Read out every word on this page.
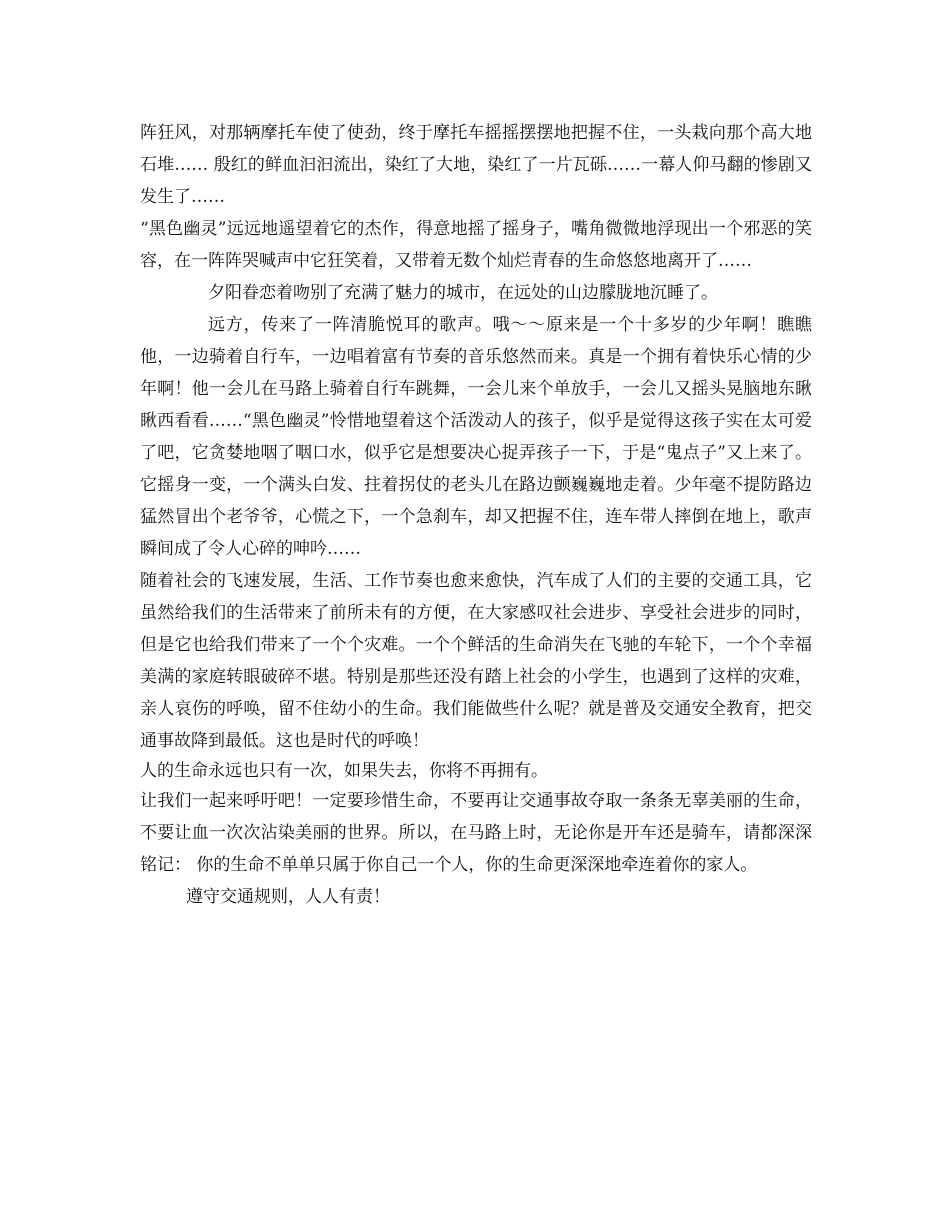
阵狂风，对那辆摩托车使了使劲，终于摩托车摇摇摆摆地把握不住，一头栽向那个高大地石堆…… 殷红的鲜血汩汩流出，染红了大地，染红了一片瓦砾……一幕人仰马翻的惨剧又发生了……

“黑色幽灵”远远地遥望着它的杰作，得意地摇了摇身子，嘴角微微地浮现出一个邪恶的笑容，在一阵阵哭喊声中它狂笑着，又带着无数个灿烂青春的生命悠悠地离开了……

夕阳眷恋着吻别了充满了魅力的城市，在远处的山边朦胧地沉睡了。

远方，传来了一阵清脆悦耳的歌声。哦～～原来是一个十多岁的少年啊！瞧瞧他，一边骑着自行车，一边唱着富有节奏的音乐悠然而来。真是一个拥有着快乐心情的少年啊！他一会儿在马路上骑着自行车跳舞，一会儿来个单放手，一会儿又摇头晃脑地东瞅瞅西看看……“黑色幽灵”怜惜地望着这个活泼动人的孩子，似乎是觉得这孩子实在太可爱了吧，它贪婪地咽了咽口水，似乎它是想要决心捉弄孩子一下，于是“鬼点子”又上来了。它摇身一变，一个满头白发、拄着拐仗的老头儿在路边颤巍巍地走着。少年毫不提防路边猛然冒出个老爷爷，心慌之下，一个急刹车，却又把握不住，连车带人摔倒在地上，歌声瞬间成了令人心碎的呻吟……

随着社会的飞速发展，生活、工作节奏也愈来愈快，汽车成了人们的主要的交通工具，它虽然给我们的生活带来了前所未有的方便，在大家感叹社会进步、享受社会进步的同时，但是它也给我们带来了一个个灾难。一个个鲜活的生命消失在飞驰的车轮下，一个个幸福美满的家庭转眼破碎不堪。特别是那些还没有踏上社会的小学生，也遇到了这样的灾难，亲人哀伤的呼唤，留不住幼小的生命。我们能做些什么呢？就是普及交通安全教育，把交通事故降到最低。这也是时代的呼唤！

人的生命永远也只有一次，如果失去，你将不再拥有。

让我们一起来呼吁吧！一定要珍惜生命，不要再让交通事故夺取一条条无辜美丽的生命，不要让血一次次沾染美丽的世界。所以，在马路上时，无论你是开车还是骑车，请都深深铭记： 你的生命不单单只属于你自己一个人，你的生命更深深地牵连着你的家人。

遵守交通规则，人人有责！
